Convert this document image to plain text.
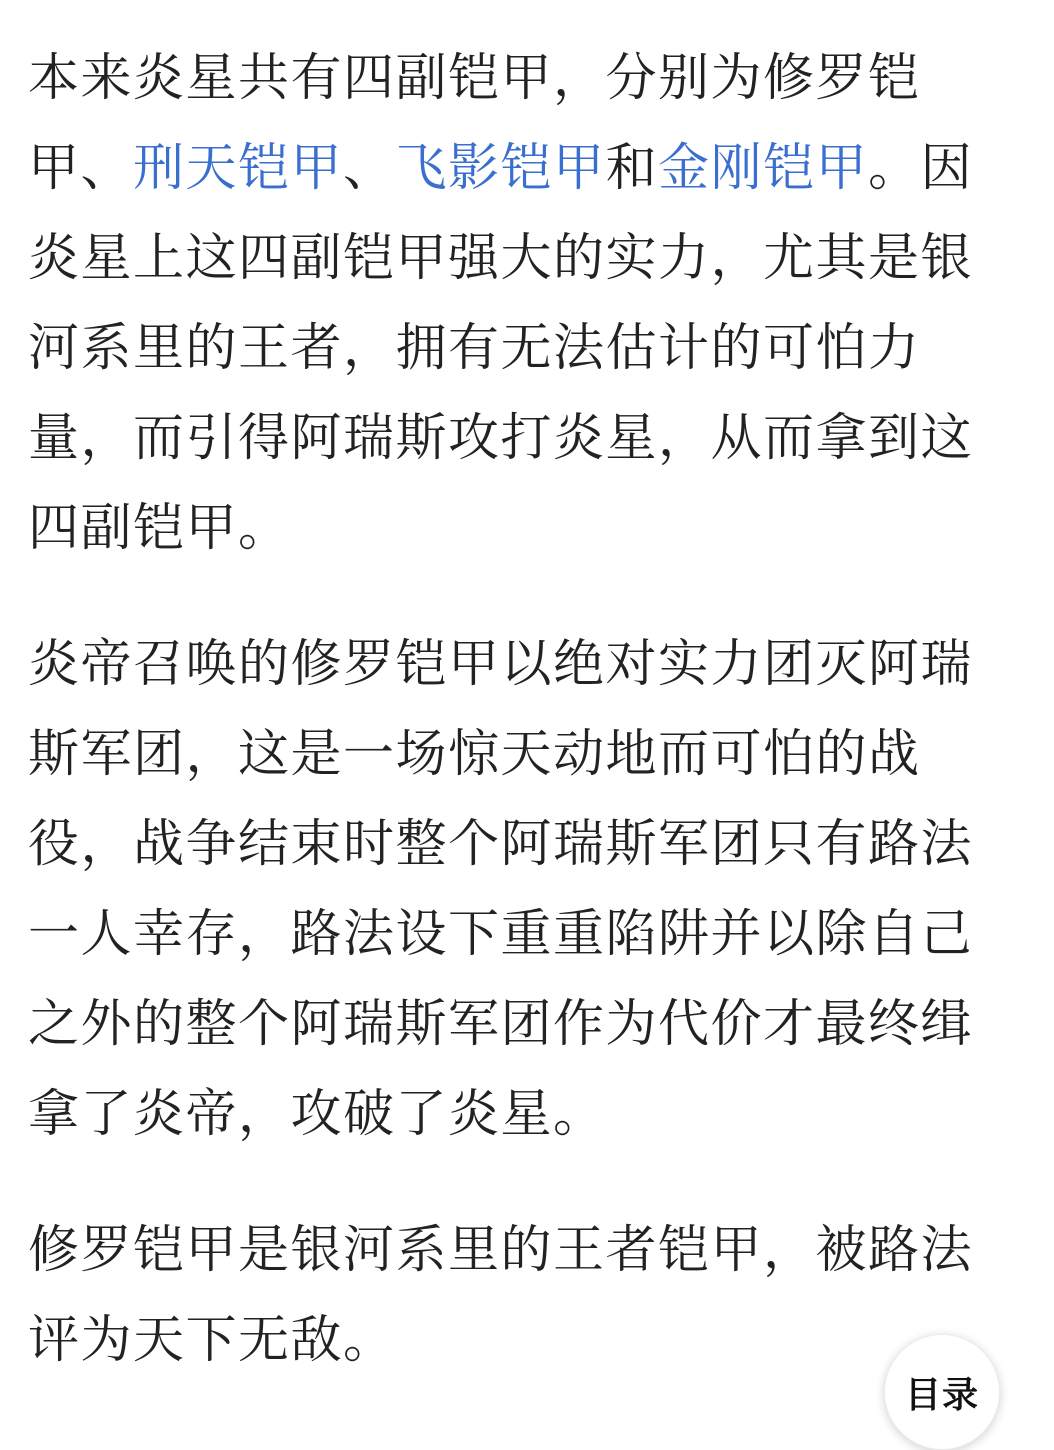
本来炎星共有四副铠甲，分别为修罗铠甲、刑天铠甲、飞影铠甲和金刚铠甲。因炎星上这四副铠甲强大的实力，尤其是银河系里的王者，拥有无法估计的可怕力量，而引得阿瑞斯攻打炎星，从而拿到这四副铠甲。

炎帝召唤的修罗铠甲以绝对实力团灭阿瑞斯军团，这是一场惊天动地而可怕的战役，战争结束时整个阿瑞斯军团只有路法一人幸存，路法设下重重陷阱并以除自己之外的整个阿瑞斯军团作为代价才最终缉拿了炎帝，攻破了炎星。

修罗铠甲是银河系里的王者铠甲，被路法评为天下无敌。

目录
